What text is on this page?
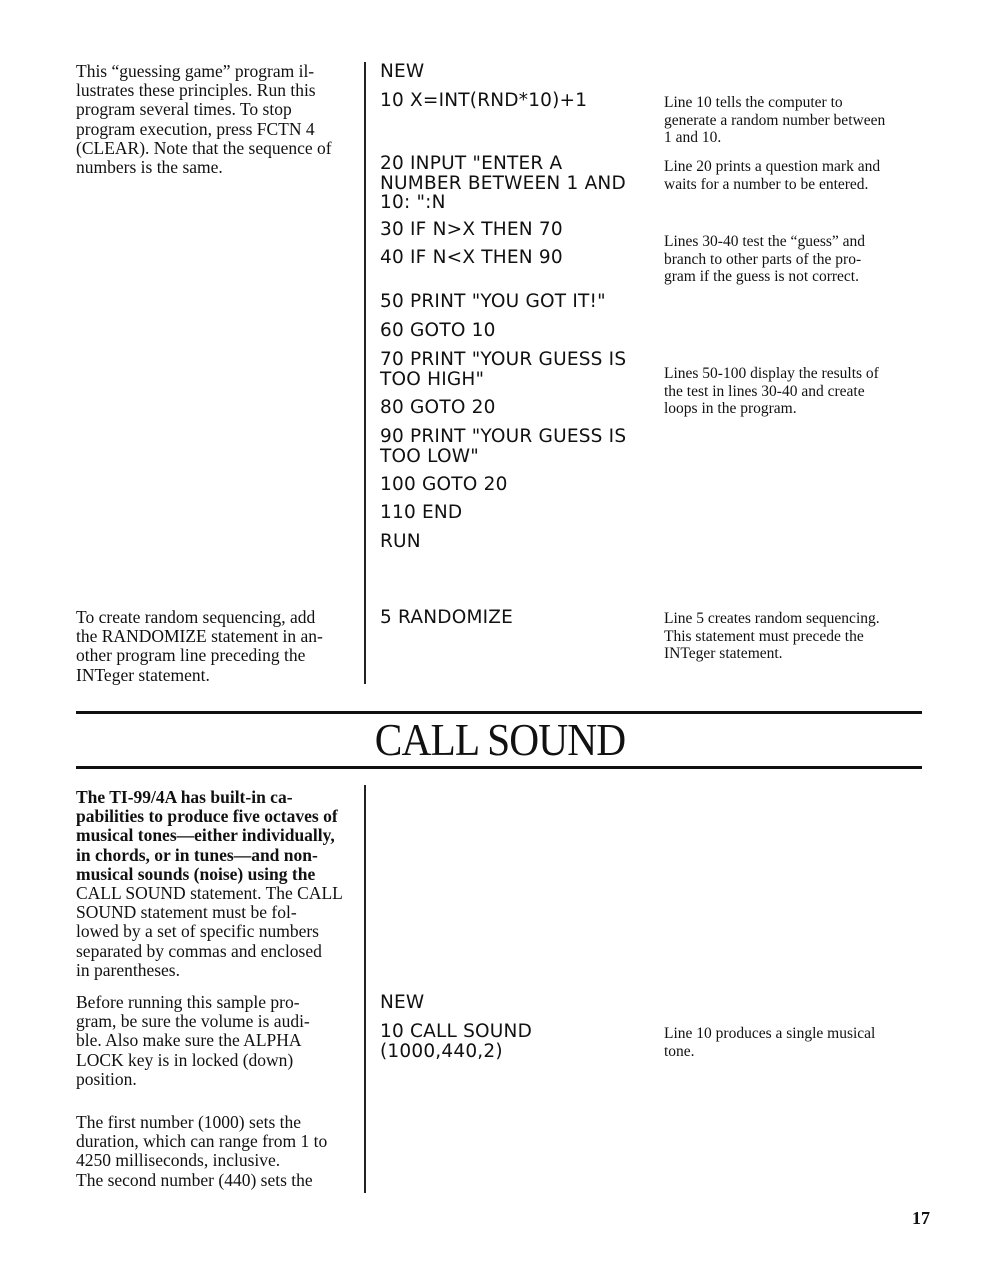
This “guessing game” program il-
lustrates these principles. Run this
program several times. To stop
program execution, press FCTN 4
(CLEAR). Note that the sequence of
numbers is the same.
NEW
10 X=INT(RND*10)+1
20 INPUT "ENTER A
NUMBER BETWEEN 1 AND
10: ":N
30 IF N>X THEN 70
40 IF N<X THEN 90
50 PRINT "YOU GOT IT!"
60 GOTO 10
70 PRINT "YOUR GUESS IS
TOO HIGH"
80 GOTO 20
90 PRINT "YOUR GUESS IS
TOO LOW"
100 GOTO 20
110 END
RUN
Line 10 tells the computer to
generate a random number between
1 and 10.
Line 20 prints a question mark and
waits for a number to be entered.
Lines 30-40 test the “guess” and
branch to other parts of the pro-
gram if the guess is not correct.
Lines 50-100 display the results of
the test in lines 30-40 and create
loops in the program.
To create random sequencing, add
the RANDOMIZE statement in an-
other program line preceding the
INTeger statement.
5 RANDOMIZE	Line 5 creates random sequencing.
This statement must precede the
INTeger statement.
CALL SOUND
The TI-99/4A has built-in ca-
pabilities to produce five octaves of
musical tones—either individually,
in chords, or in tunes—and non-
musical sounds (noise) using the
CALL SOUND statement. The CALL
SOUND statement must be fol-
lowed by a set of specific numbers
separated by commas and enclosed
in parentheses.
Before running this sample pro-
gram, be sure the volume is audi-
ble. Also make sure the ALPHA
LOCK key is in locked (down)
position.
The first number (1000) sets the
duration, which can range from 1 to
4250 milliseconds, inclusive.
The second number (440) sets the
NEW
10 CALL SOUND
(1000,440,2)
Line 10 produces a single musical
tone.
17
